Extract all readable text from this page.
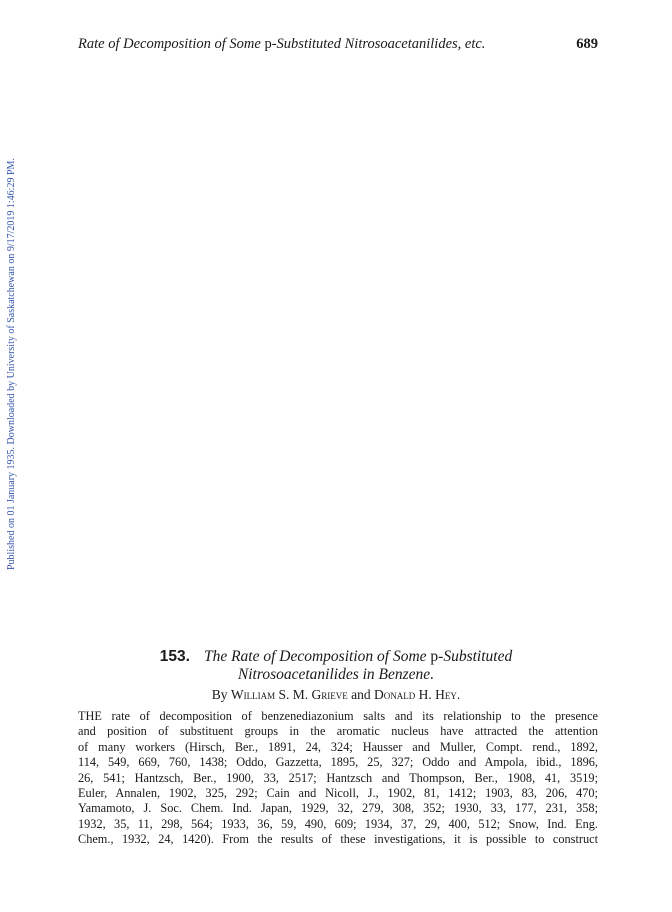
Rate of Decomposition of Some p-Substituted Nitrosoacetanilides, etc.	689
Published on 01 January 1935. Downloaded by University of Saskatchewan on 9/17/2019 1:46:29 PM.
153. The Rate of Decomposition of Some p-Substituted
Nitrosoacetanilides in Benzene.
By William S. M. Grieve and Donald H. Hey.
THE rate of decomposition of benzenediazonium salts and its relationship to the presence
and position of substituent groups in the aromatic nucleus have attracted the attention
of many workers (Hirsch, Ber., 1891, 24, 324; Hausser and Muller, Compt. rend., 1892,
114, 549, 669, 760, 1438; Oddo, Gazzetta, 1895, 25, 327; Oddo and Ampola, ibid., 1896,
26, 541; Hantzsch, Ber., 1900, 33, 2517; Hantzsch and Thompson, Ber., 1908, 41, 3519;
Euler, Annalen, 1902, 325, 292; Cain and Nicoll, J., 1902, 81, 1412; 1903, 83, 206, 470;
Yamamoto, J. Soc. Chem. Ind. Japan, 1929, 32, 279, 308, 352; 1930, 33, 177, 231, 358;
1932, 35, 11, 298, 564; 1933, 36, 59, 490, 609; 1934, 37, 29, 400, 512; Snow, Ind. Eng.
Chem., 1932, 24, 1420). From the results of these investigations, it is possible to construct
